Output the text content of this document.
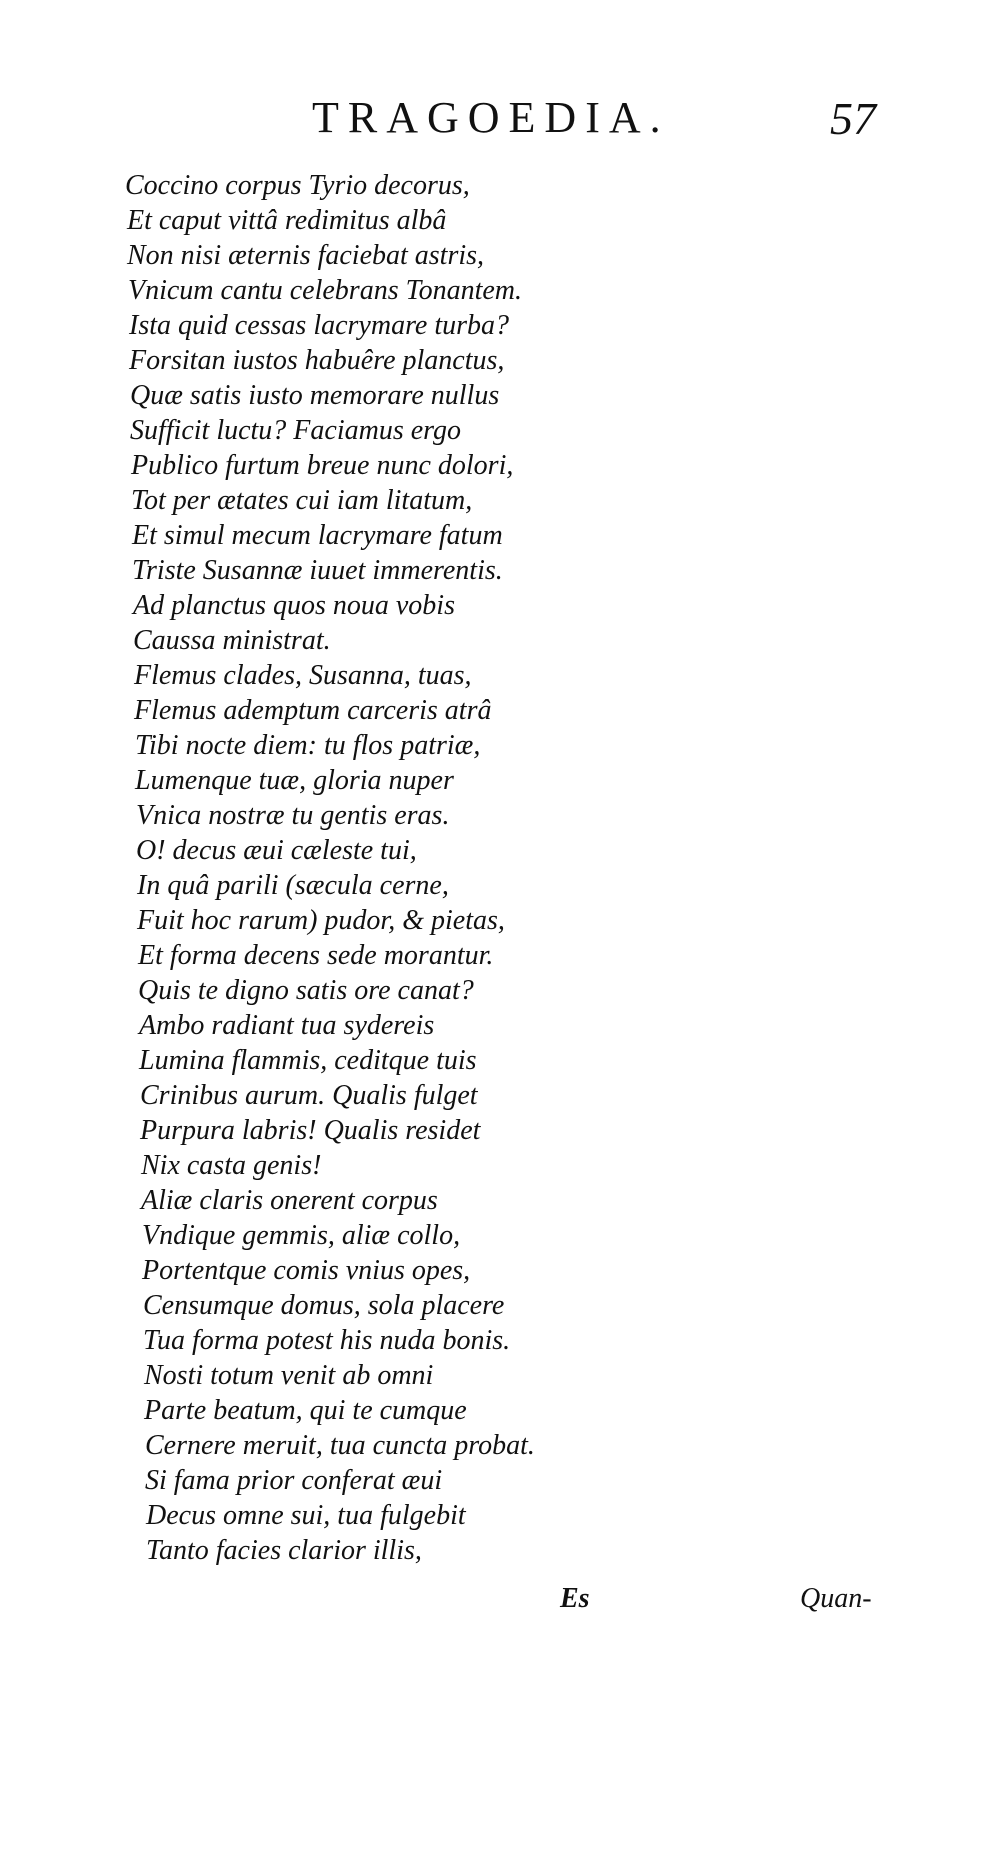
TRAGOEDIA.	57
Coccino corpus Tyrio decorus,
Et caput vittâ redimitus albâ
Non nisi æternis faciebat astris,
Vnicum cantu celebrans Tonantem.
Ista quid cessas lacrymare turba?
Forsitan iustos habuêre planctus,
Quæ satis iusto memorare nullus
Sufficit luctu? Faciamus ergo
Publico furtum breue nunc dolori,
Tot per ætates cui iam litatum,
Et simul mecum lacrymare fatum
Triste Susannæ iuuet immerentis.
Ad planctus quos noua vobis
Caussa ministrat.
Flemus clades, Susanna, tuas,
Flemus ademptum carceris atrâ
Tibi nocte diem: tu flos patriæ,
Lumenque tuæ, gloria nuper
Vnica nostræ tu gentis eras.
O! decus æui cæleste tui,
In quâ parili (sæcula cerne,
Fuit hoc rarum) pudor, & pietas,
Et forma decens sede morantur.
Quis te digno satis ore canat?
Ambo radiant tua sydereis
Lumina flammis, ceditque tuis
Crinibus aurum. Qualis fulget
Purpura labris! Qualis residet
Nix casta genis!
Aliæ claris onerent corpus
Vndique gemmis, aliæ collo,
Portentque comis vnius opes,
Censumque domus, sola placere
Tua forma potest his nuda bonis.
Nosti totum venit ab omni
Parte beatum, qui te cumque
Cernere meruit, tua cuncta probat.
Si fama prior conferat æui
Decus omne sui, tua fulgebit
Tanto facies clarior illis,
Es	Quan-
